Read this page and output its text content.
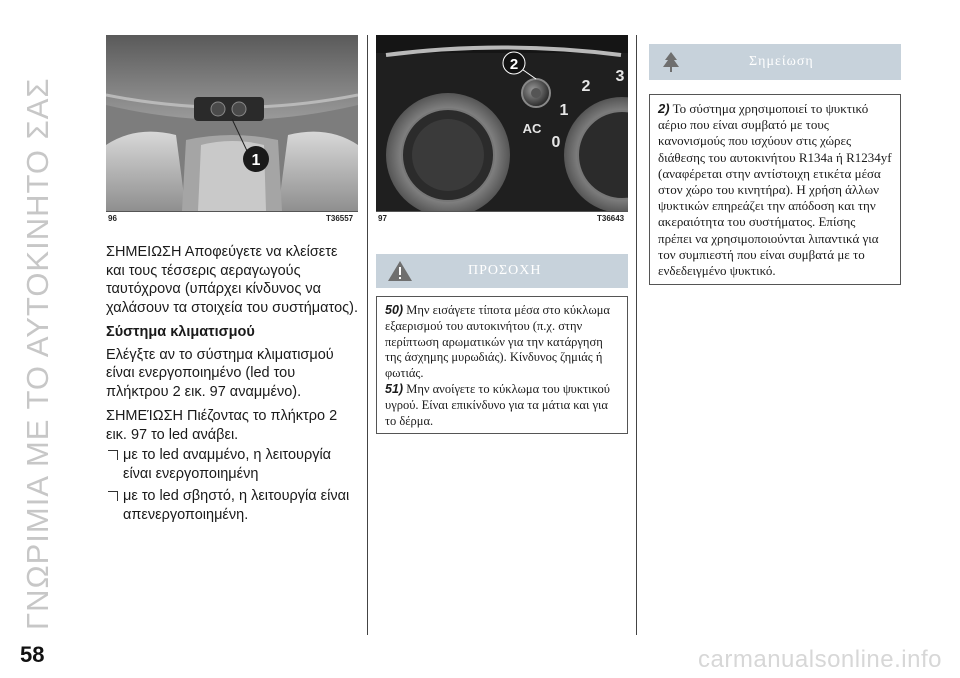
ΓΝΩΡΙΜΙΑ ΜΕ ΤΟ ΑΥΤΟΚΙΝΗΤΟ ΣΑΣ	1
96	T36557

ΣΗΜΕΙΩΣΗ Αποφεύγετε να κλείσετε και τους τέσσερις αεραγωγούς ταυτόχρονα (υπάρχει κίνδυνος να χαλάσουν τα στοιχεία του συστήματος).

Σύστημα κλιματισμού

Ελέγξτε αν το σύστημα κλιματισμού είναι ενεργοποιημένο (led του πλήκτρου 2 εικ. 97 αναμμένο).

ΣΗΜΕΊΩΣΗ Πιέζοντας το πλήκτρο 2 εικ. 97 το led ανάβει.

με το led αναμμένο, η λειτουργία είναι ενεργοποιημένη
με το led σβηστό, η λειτουργία είναι απενεργοποιημένη.
2
1
2
3
0
AC
97	T36643
ΠΡΟΣΟΧΗ
50) Μην εισάγετε τίποτα μέσα στο κύκλωμα εξαερισμού του αυτοκινήτου (π.χ. στην περίπτωση αρωματικών για την κατάργηση της άσχημης μυρωδιάς). Κίνδυνος ζημιάς ή φωτιάς.
51) Μην ανοίγετε το κύκλωμα του ψυκτικού υγρού. Είναι επικίνδυνο για τα μάτια και για το δέρμα.
Σημείωση
2) Το σύστημα χρησιμοποιεί το ψυκτικό αέριο που είναι συμβατό με τους κανονισμούς που ισχύουν στις χώρες διάθεσης του αυτοκινήτου R134a ή R1234yf (αναφέρεται στην αντίστοιχη ετικέτα μέσα στον χώρο του κινητήρα). Η χρήση άλλων ψυκτικών επηρεάζει την απόδοση και την ακεραιότητα του συστήματος. Επίσης πρέπει να χρησιμοποιούνται λιπαντικά για τον συμπιεστή που είναι συμβατά με το ενδεδειγμένο ψυκτικό.
58	carmanualsonline.info
